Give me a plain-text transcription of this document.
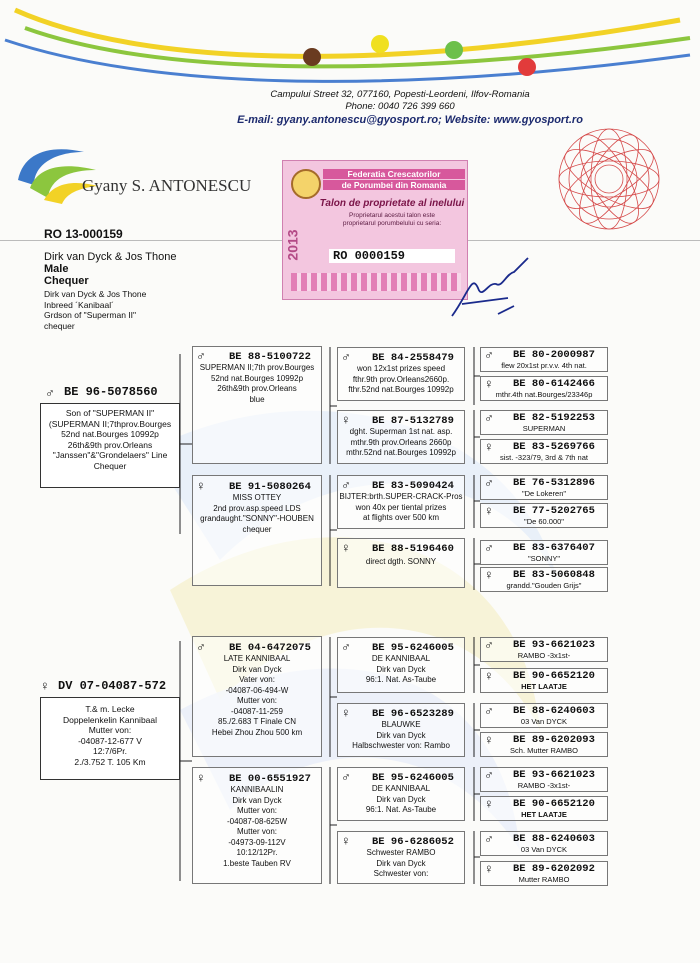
Campului Street 32, 077160, Popesti-Leordeni, Ilfov-Romania
Phone: 0040 726 399 660
E-mail: gyany.antonescu@gyosport.ro; Website: www.gyosport.ro
Gyany S. ANTONESCU
Federatia Crescatorilor
de Porumbei din Romania
Talon de proprietate al inelului
Proprietarul acestui talon este
proprietarul porumbelului cu seria:
2013	RO 0000159
RO 13-000159
Dirk van Dyck & Jos Thone
Male
Chequer
Dirk van Dyck & Jos Thone
Inbreed ´Kanibaal´
Grdson of "Superman II"
chequer
♂ BE 96-5078560
Son of "SUPERMAN II"
(SUPERMAN II;7thprov.Bourges
52nd nat.Bourges 10992p
26th&9th prov.Orleans
"Janssen"&"Grondelaers" Line
Chequer
♀ DV 07-04087-572
T.& m. Lecke
Doppelenkelin Kannibaal
Mutter von:
-04087-12-677 V
12:7/6Pr.
2./3.752 T. 105 Km
♂ BE 88-5100722
SUPERMAN II;7th prov.Bourges
52nd nat.Bourges 10992p
26th&9th prov.Orleans
blue
♀ BE 91-5080264
MISS OTTEY
2nd prov.asp.speed LDS
grandaught."SONNY"-HOUBEN
chequer
♂ BE 04-6472075
LATE KANNIBAAL
Dirk van Dyck
Vater von:
-04087-06-494-W
Mutter von:
-04087-11-259
85./2.683 T Finale CN
Hebei Zhou Zhou 500 km
♀ BE 00-6551927
KANNIBAALIN
Dirk van Dyck
Mutter von:
-04087-08-625W
Mutter von:
-04973-09-112V
10:12/12Pr.
1.beste Tauben RV
♂ BE 84-2558479
won 12x1st prizes speed
fthr.9th prov.Orleans2660p.
fthr.52nd nat.Bourges 10992p
♀ BE 87-5132789
dght. Superman 1st nat. asp.
mthr.9th prov.Orleans 2660p
mthr.52nd nat.Bourges 10992p
♂ BE 83-5090424
BIJTER:brth.SUPER-CRACK-Pros
won 40x per tiental prizes
at flights over 500 km
♀ BE 88-5196460
direct dgth. SONNY
♂ BE 95-6246005
DE KANNIBAAL
Dirk van Dyck
96:1. Nat. As-Taube
♀ BE 96-6523289
BLAUWKE
Dirk van Dyck
Halbschwester von: Rambo
♂ BE 95-6246005
DE KANNIBAAL
Dirk van Dyck
96:1. Nat. As-Taube
♀ BE 96-6286052
Schwester RAMBO
Dirk van Dyck
Schwester von:
♂ BE 80-2000987
flew 20x1st pr.v.v. 4th nat.
♀ BE 80-6142466
mthr.4th nat.Bourges/23346p
♂ BE 82-5192253
SUPERMAN
♀ BE 83-5269766
sist. -323/79, 3rd & 7th nat
♂ BE 76-5312896
"De Lokeren"
♀ BE 77-5202765
"De 60.000"
♂ BE 83-6376407
"SONNY"
♀ BE 83-5060848
grandd."Gouden Grijs"
♂ BE 93-6621023
RAMBO -3x1st-
♀ BE 90-6652120
HET LAATJE
♂ BE 88-6240603
03 Van DYCK
♀ BE 89-6202093
Sch. Mutter RAMBO
♂ BE 93-6621023
RAMBO -3x1st-
♀ BE 90-6652120
HET LAATJE
♂ BE 88-6240603
03 Van DYCK
♀ BE 89-6202092
Mutter RAMBO
